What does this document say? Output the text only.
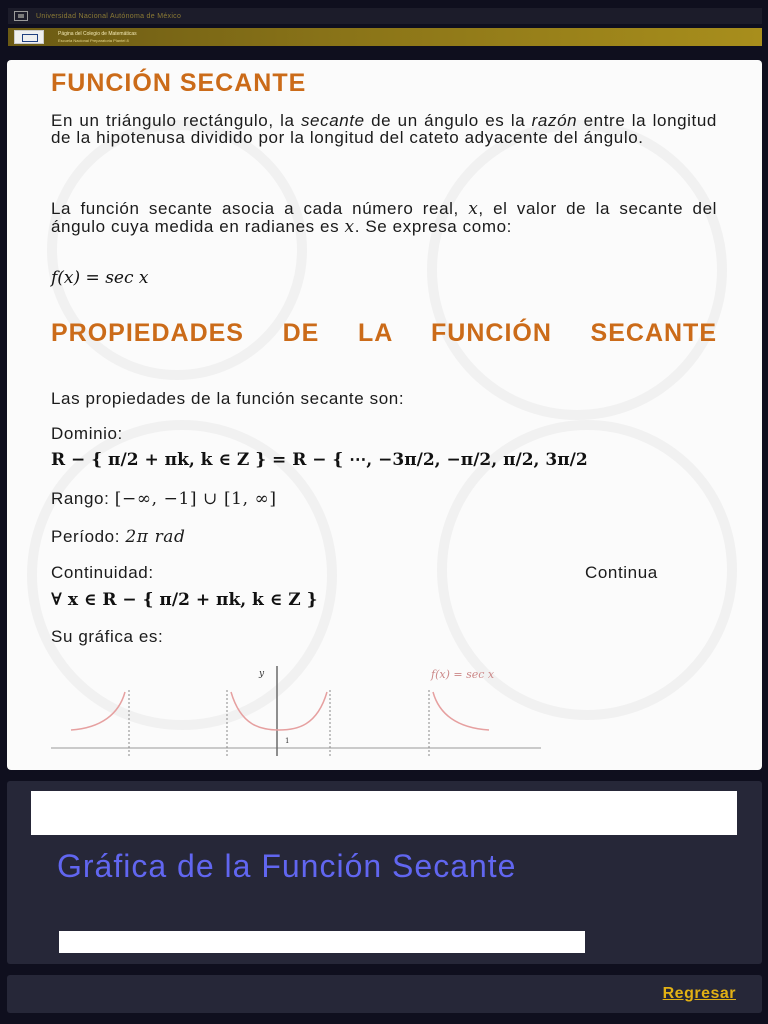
Universidad Nacional Autónoma de México
Página del Colegio de Matemáticas
Escuela Nacional Preparatoria Plantel 8
FUNCIÓN SECANTE
En un triángulo rectángulo, la secante de un ángulo es la razón entre la longitud de la hipotenusa dividido por la longitud del cateto adyacente del ángulo.
La función secante asocia a cada número real, x, el valor de la secante del ángulo cuya medida en radianes es x. Se expresa como:
f(x) = sec x
PROPIEDADES DE LA FUNCIÓN SECANTE
Las propiedades de la función secante son:
Dominio:
R − { π/2 + πk, k ∈ Z } = R − { ⋯, −3π/2, −π/2, π/2, 3π/2
Rango: [−∞, −1] ∪ [1, ∞]
Período: 2π rad
Continuidad:	Continua
∀ x ∈ R − { π/2 + πk, k ∈ Z }
Su gráfica es:
y
1
f(x) = sec x
Gráfica de la Función Secante
Regresar
